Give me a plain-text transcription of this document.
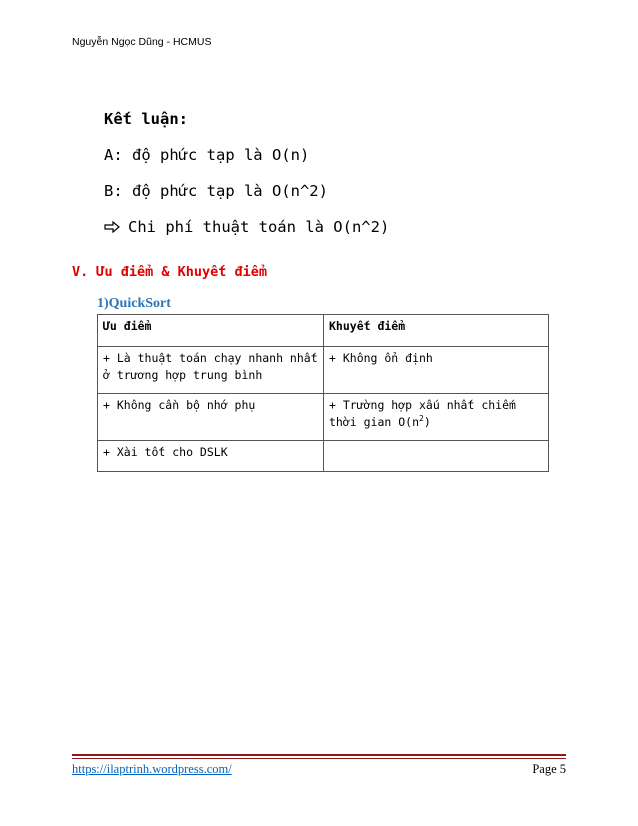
Nguyễn Ngọc Dũng - HCMUS
Kết luận:
A: độ phức tạp là O(n)
B: độ phức tạp là O(n^2)
Chi phí thuật toán là O(n^2)
V. Ưu điểm & Khuyết điểm
1)QuickSort
Ưu điểm	Khuyết điểm
+ Là thuật toán chạy nhanh nhất ở trương hợp trung bình	+ Không ổn định
+ Không cần bộ nhớ phụ	+ Trường hợp xấu nhất chiếm thời gian $O(n^2)$
+ Xài tốt cho DSLK	
https://ilaptrinh.wordpress.com/	Page 5
